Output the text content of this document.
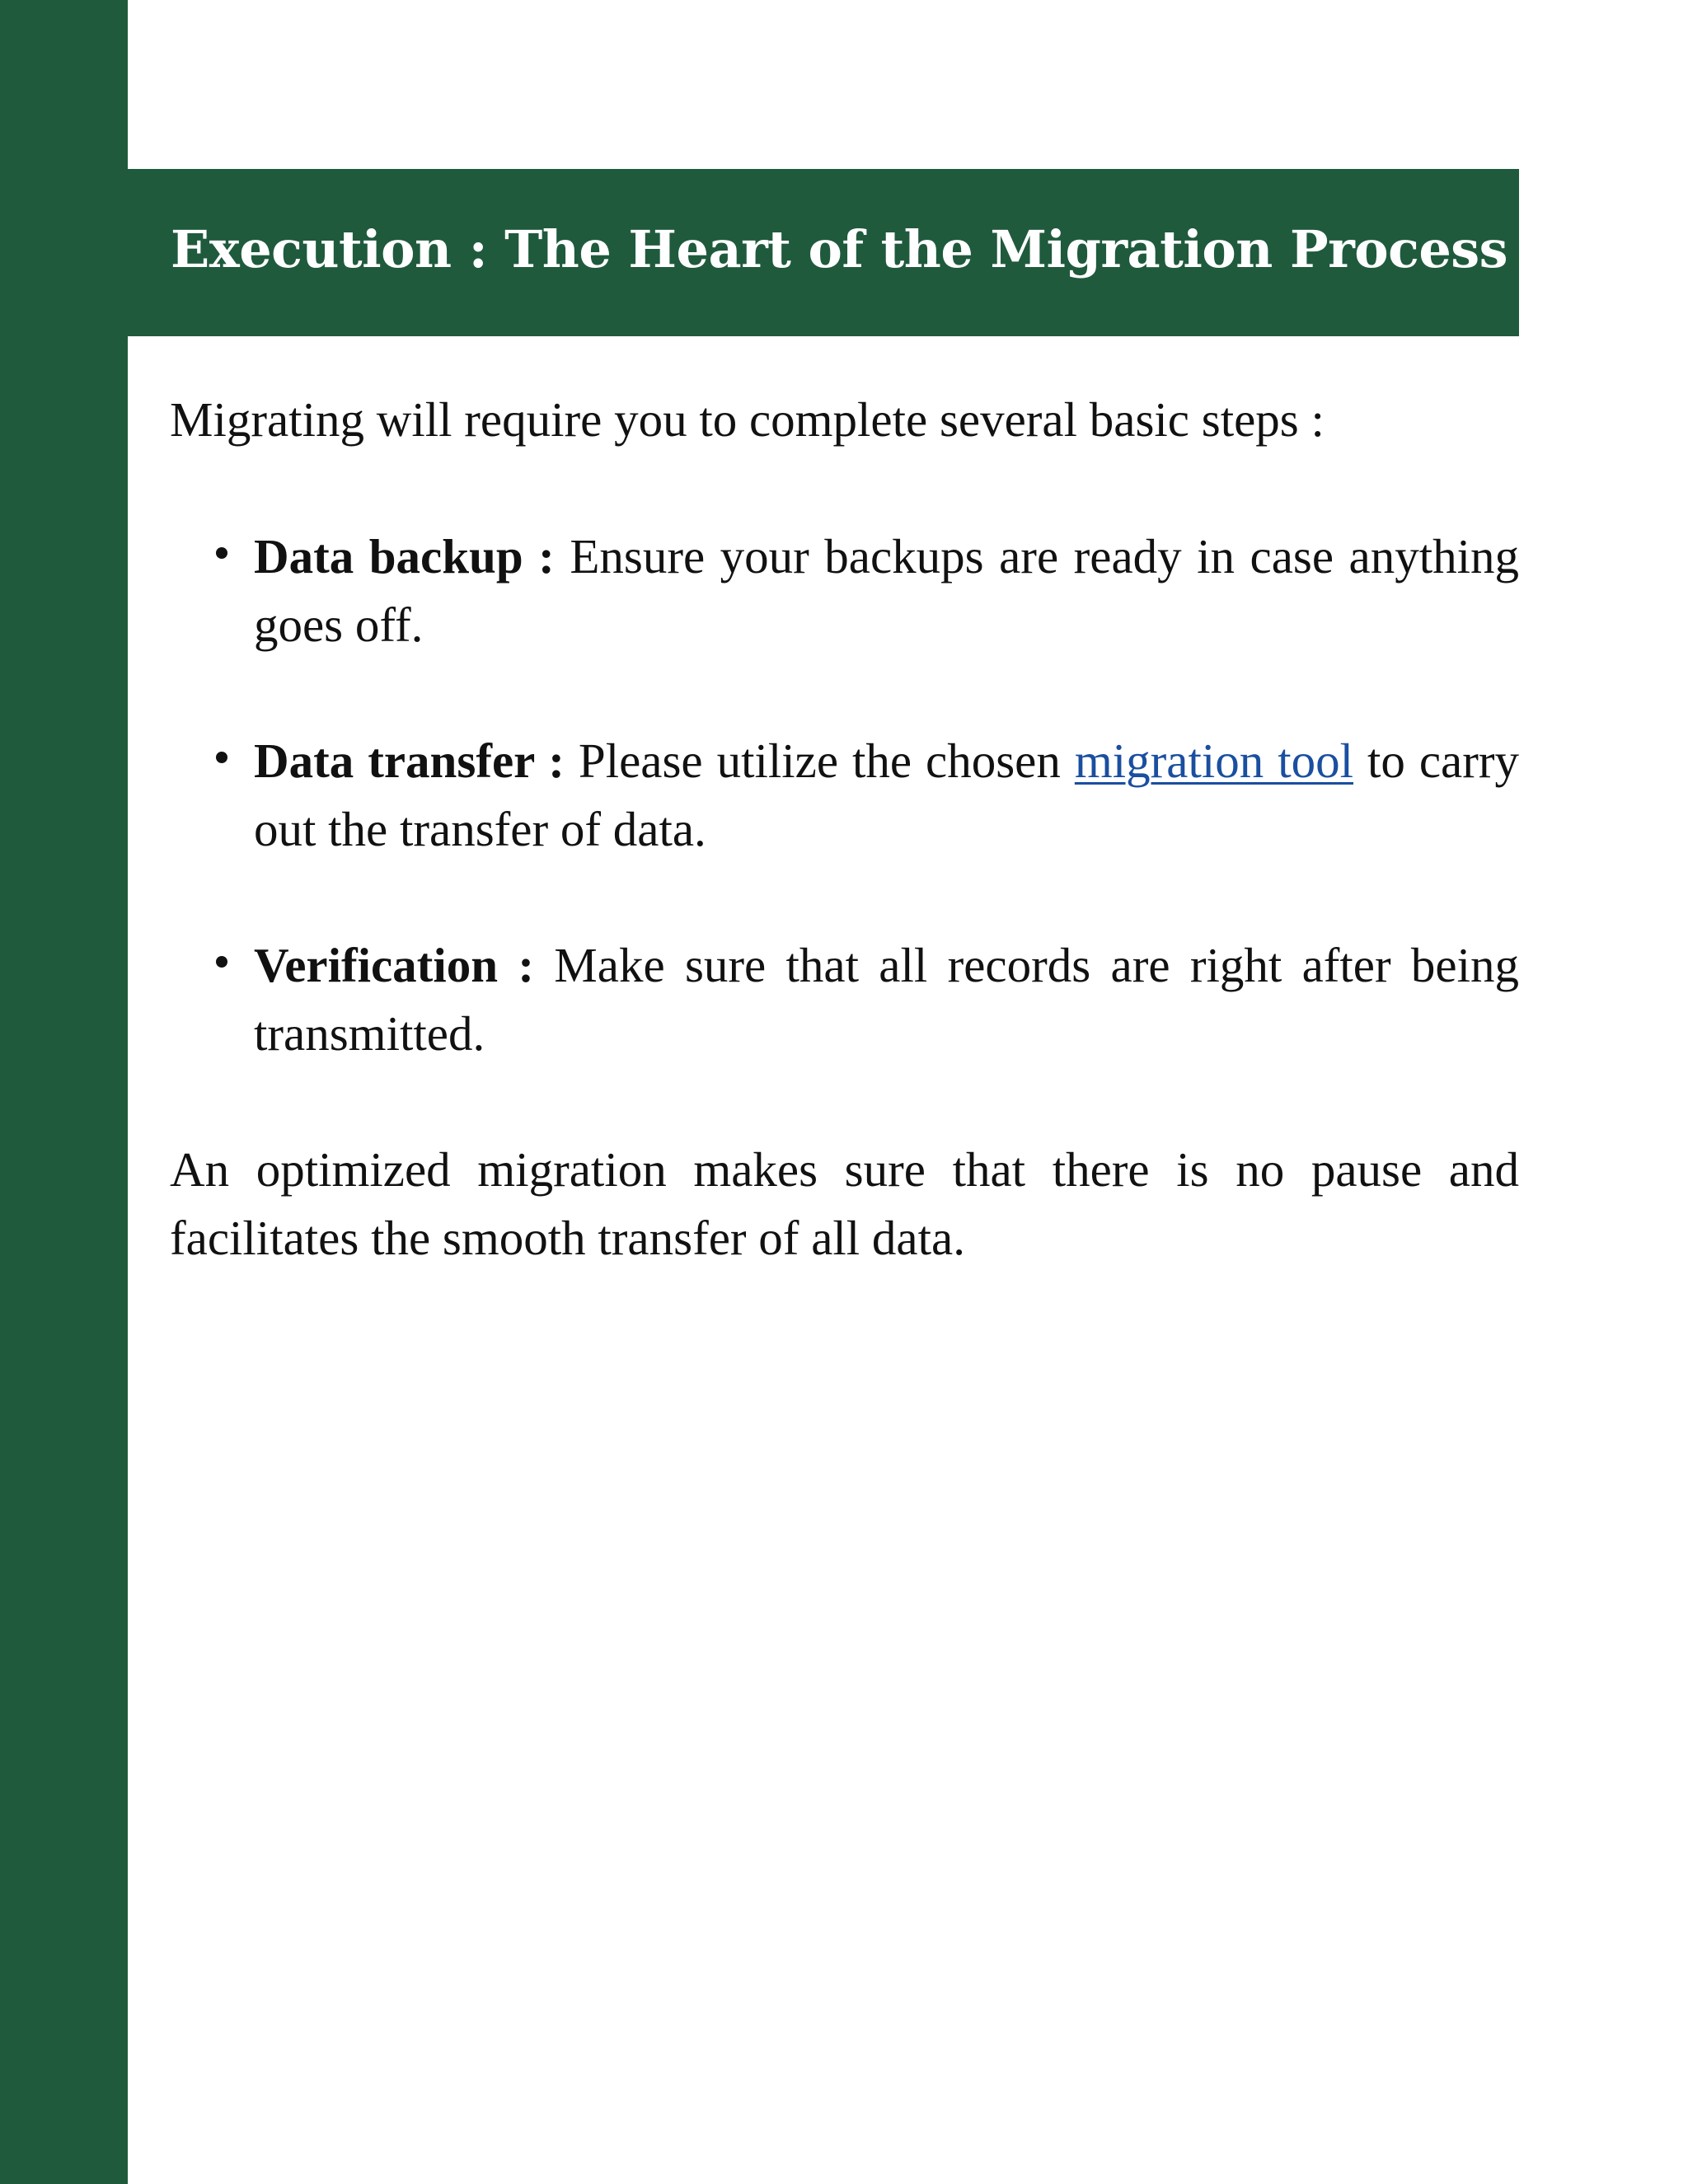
Execution : The Heart of the Migration Process

Migrating will require you to complete several basic steps :

Data backup : Ensure your backups are ready in case anything goes off.
Data transfer : Please utilize the chosen migration tool to carry out the transfer of data.
Verification : Make sure that all records are right after being transmitted.

An optimized migration makes sure that there is no pause and facilitates the smooth transfer of all data.
